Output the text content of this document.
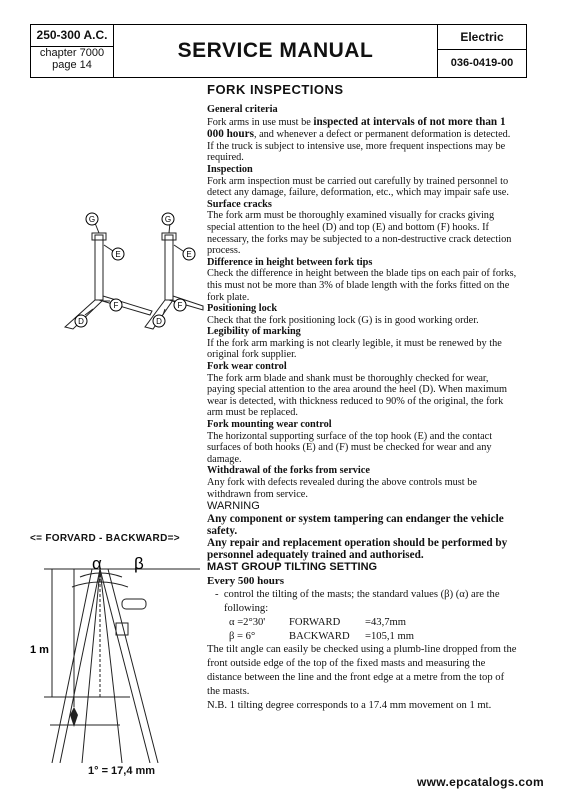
250-300 A.C.
chapter 7000
page 14
SERVICE MANUAL
Electric
036-0419-00
FORK INSPECTIONS

General criteria

Fork arms in use must be inspected at intervals of not more than 1 000 hours, and whenever a defect or permanent deformation is detected. If the truck is subject to intensive use, more frequent inspections may be required.

Inspection

Fork arm inspection must be carried out carefully by trained personnel to detect any damage, failure, deformation, etc., which may impair safe use.

Surface cracks

The fork arm must be thoroughly examined visually for cracks giving special attention to the heel (D) and top (E) and bottom (F) hooks. If necessary, the forks may be subjected to a non-destructive crack detection process.

Difference in height between fork tips

Check the difference in height between the blade tips on each pair of forks, this must not be more than 3% of blade length with the forks fitted on the fork plate.

Positioning lock

Check that the fork positioning lock (G) is in good working order.

Legibility of marking

If the fork arm marking is not clearly legible, it must be renewed by the original fork supplier.

Fork wear control

The fork arm blade and shank must be thoroughly checked for wear, paying special attention to the area around the heel (D). When maximum wear is detected, with thickness reduced to 90% of the original, the fork arm must be replaced.

Fork mounting wear control

The horizontal supporting surface of the top hook (E) and the contact surfaces of both hooks (E) and (F) must be checked for wear and any damage.

Withdrawal of the forks from service

Any fork with defects revealed during the above controls must be withdrawn from service.

WARNING

Any component or system tampering can endanger the vehicle safety.

Any repair and replacement operation should be performed by personnel adequately trained and authorised.

MAST GROUP TILTING SETTING

Every 500 hours

-  control the tilting of the masts; the standard values (β) (α) are the following:

α =2°30' FORWARD =43,7mm

β = 6°	BACKWARD =105,1 mm

The tilt angle can easily be checked using a plumb-line dropped from the front outside edge of the top of the fixed masts and measuring the distance between the line and the front edge at a metre from the top of the masts.

N.B. 1 tilting degree corresponds to a 17.4 mm movement on 1 mt.

G
E
F
D
G
E
F
D
<= FORVARD - BACKWARD=>
α β
1 m
1° = 17,4 mm
www.epcatalogs.com
